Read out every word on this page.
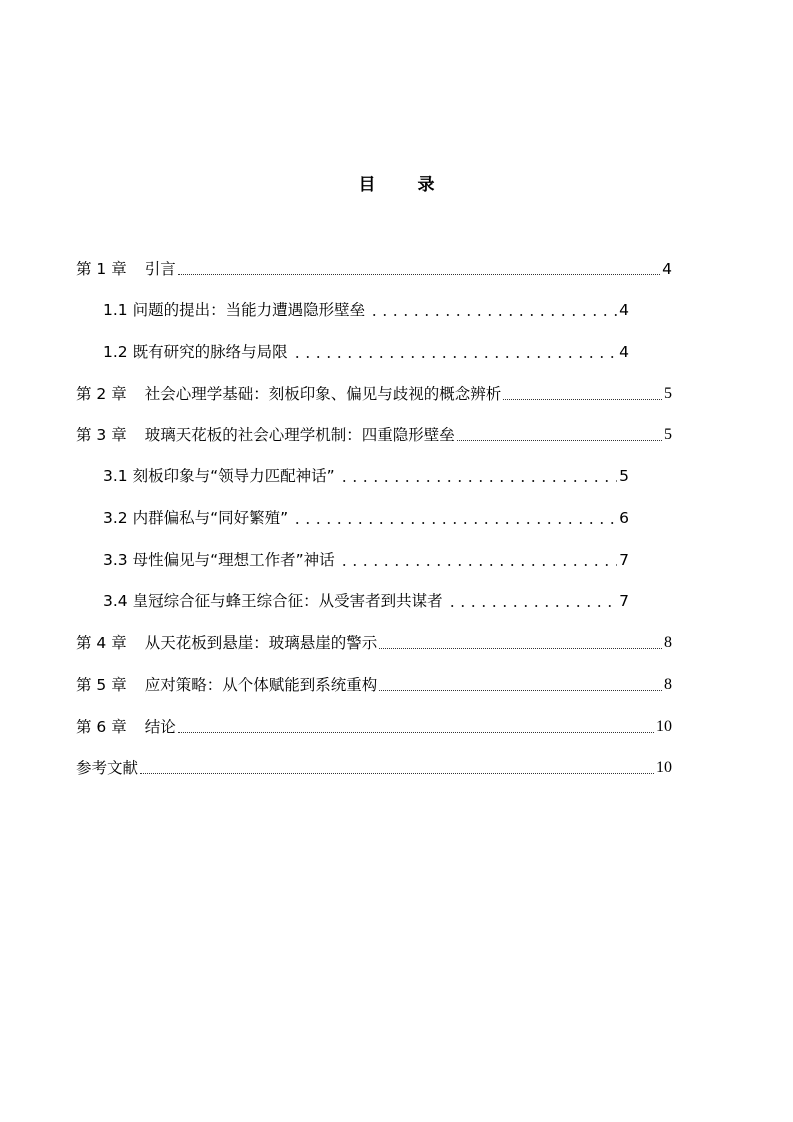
目 录
第 1 章 引言	4
1.1 问题的提出：当能力遭遇隐形壁垒	4
1.2 既有研究的脉络与局限	4
第 2 章 社会心理学基础：刻板印象、偏见与歧视的概念辨析	5
第 3 章 玻璃天花板的社会心理学机制：四重隐形壁垒	5
3.1 刻板印象与“领导力匹配神话”	5
3.2 内群偏私与“同好繁殖”	6
3.3 母性偏见与“理想工作者”神话	7
3.4 皇冠综合征与蜂王综合征：从受害者到共谋者	7
第 4 章 从天花板到悬崖：玻璃悬崖的警示	8
第 5 章 应对策略：从个体赋能到系统重构	8
第 6 章 结论	10
参考文献	10
